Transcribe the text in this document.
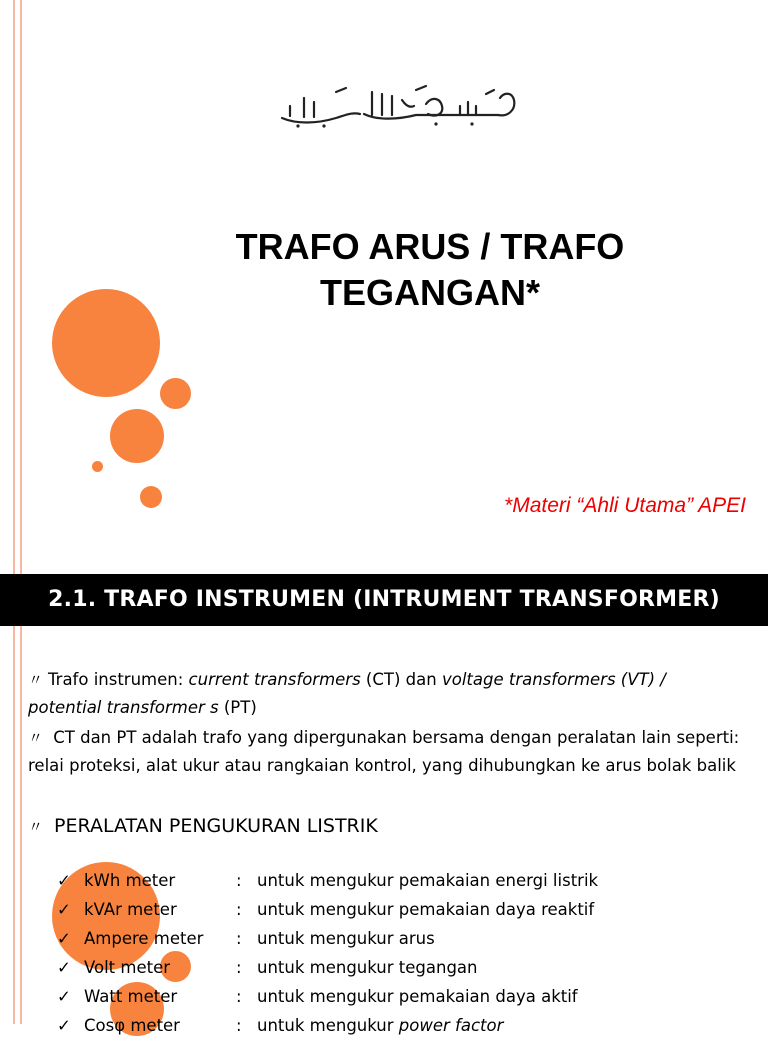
TRAFO ARUS / TRAFO
TEGANGAN*
*Materi “Ahli Utama” APEI
2.1. TRAFO INSTRUMEN (INTRUMENT TRANSFORMER)
〃 Trafo instrumen: current transformers (CT) dan voltage transformers (VT) /
potential transformer s (PT)
〃 CT dan PT adalah trafo yang dipergunakan bersama dengan peralatan lain seperti: relai proteksi, alat ukur atau rangkaian kontrol, yang dihubungkan ke arus bolak balik
〃 PERALATAN PENGUKURAN LISTRIK
✓ kWh meter	: untuk mengukur pemakaian energi listrik
✓ kVAr meter	: untuk mengukur pemakaian daya reaktif
✓ Ampere meter : untuk mengukur arus
✓ Volt meter	: untuk mengukur tegangan
✓ Watt meter	: untuk mengukur pemakaian daya aktif
✓ Cosφ meter	: untuk mengukur power factor
